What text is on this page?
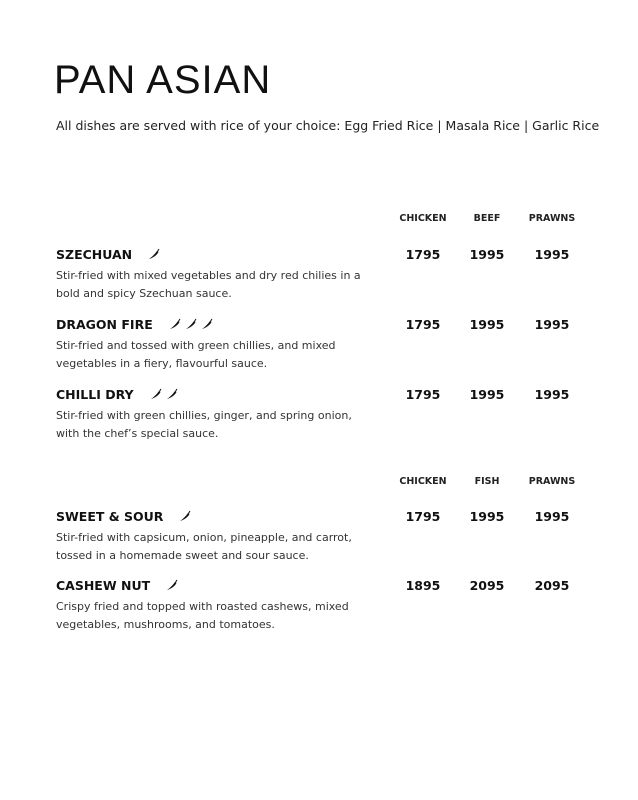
PAN ASIAN
All dishes are served with rice of your choice: Egg Fried Rice | Masala Rice | Garlic Rice
CHICKEN	BEEF	PRAWNS
SZECHUAN
Stir-fried with mixed vegetables and dry red chilies in a bold and spicy Szechuan sauce.
1795	1995	1995
DRAGON FIRE
Stir-fried and tossed with green chillies, and mixed vegetables in a fiery, flavourful sauce.
1795	1995	1995
CHILLI DRY
Stir-fried with green chillies, ginger, and spring onion, with the chef’s special sauce.
1795	1995	1995
CHICKEN	FISH	PRAWNS
SWEET & SOUR
Stir-fried with capsicum, onion, pineapple, and carrot, tossed in a homemade sweet and sour sauce.
1795	1995	1995
CASHEW NUT
Crispy fried and topped with roasted cashews, mixed vegetables, mushrooms, and tomatoes.
1895	2095	2095
